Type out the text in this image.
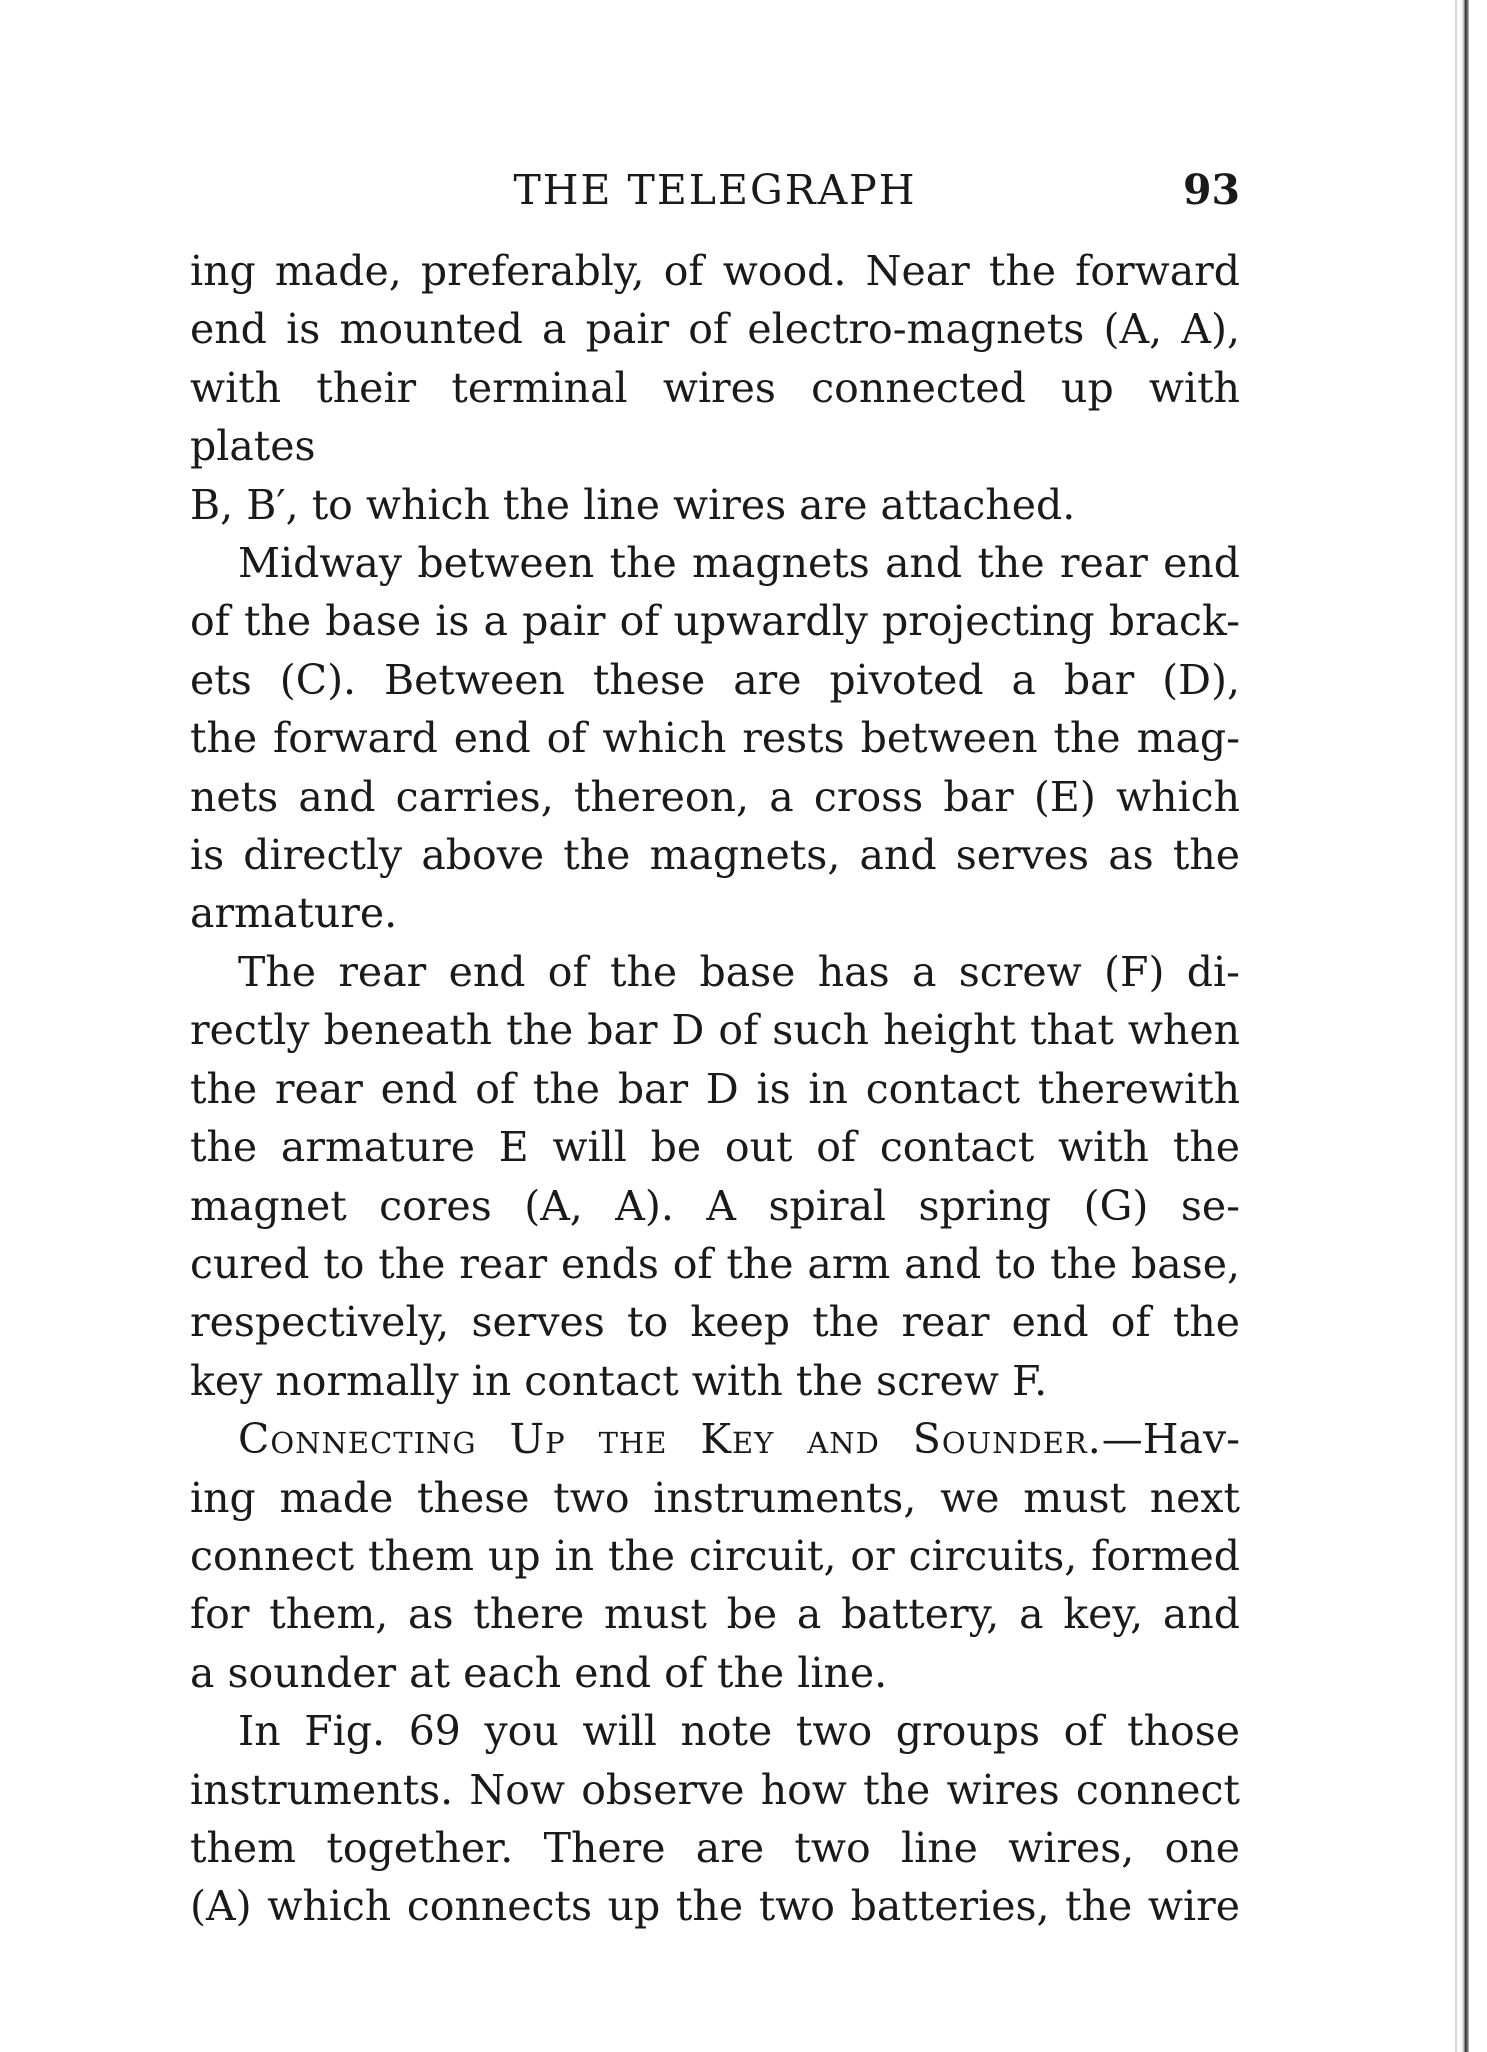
THE TELEGRAPH	93

ing made, preferably, of wood. Near the forward

end is mounted a pair of electro-magnets (A, A),

with their terminal wires connected up with plates

B, B′, to which the line wires are attached.

Midway between the magnets and the rear end

of the base is a pair of upwardly projecting brack-

ets (C). Between these are pivoted a bar (D),

the forward end of which rests between the mag-

nets and carries, thereon, a cross bar (E) which

is directly above the magnets, and serves as the

armature.

The rear end of the base has a screw (F) di-

rectly beneath the bar D of such height that when

the rear end of the bar D is in contact therewith

the armature E will be out of contact with the

magnet cores (A, A). A spiral spring (G) se-

cured to the rear ends of the arm and to the base,

respectively, serves to keep the rear end of the

key normally in contact with the screw F.

Connecting Up the Key and Sounder.—Hav-

ing made these two instruments, we must next

connect them up in the circuit, or circuits, formed

for them, as there must be a battery, a key, and

a sounder at each end of the line.

In Fig. 69 you will note two groups of those

instruments. Now observe how the wires connect

them together. There are two line wires, one

(A) which connects up the two batteries, the wire
